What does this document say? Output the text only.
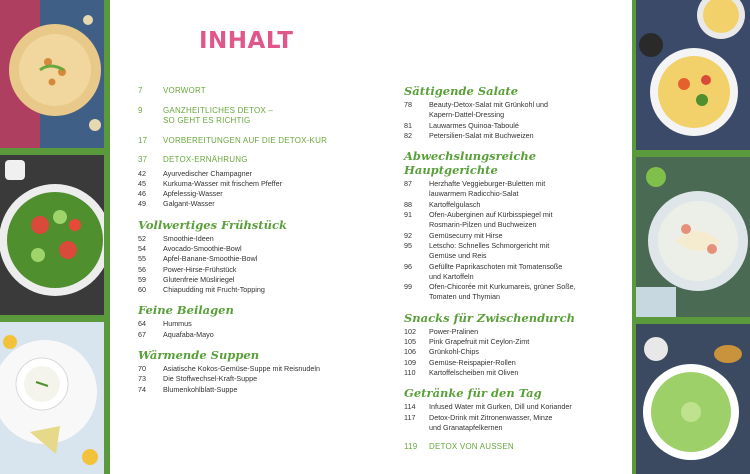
INHALT
7	VORWORT
9	GANZHEITLICHES DETOX –
SO GEHT ES RICHTIG
17	VORBEREITUNGEN AUF DIE DETOX-KUR
37	DETOX-ERNÄHRUNG
42	Ayurvedischer Champagner
45	Kurkuma-Wasser mit frischem Pfeffer
46	Apfelessig-Wasser
49	Galgant-Wasser
Vollwertiges Frühstück
52	Smoothie-Ideen
54	Avocado-Smoothie-Bowl
55	Apfel-Banane-Smoothie-Bowl
56	Power-Hirse-Frühstück
59	Glutenfreie Müsliriegel
60	Chiapudding mit Frucht-Topping
Feine Beilagen
64	Hummus
67	Aquafaba-Mayo
Wärmende Suppen
70	Asiatische Kokos-Gemüse-Suppe mit Reisnudeln
73	Die Stoffwechsel-Kraft-Suppe
74	Blumenkohlblatt-Suppe
Sättigende Salate
78	Beauty-Detox-Salat mit Grünkohl und
Kapern-Dattel-Dressing
81	Lauwarmes Quinoa-Taboulé
82	Petersilien-Salat mit Buchweizen
Abwechslungsreiche Hauptgerichte
87	Herzhafte Veggieburger-Buletten mit
lauwarmem Radicchio-Salat
88	Kartoffelgulasch
91	Ofen-Auberginen auf Kürbisspiegel mit
Rosmarin-Pilzen und Buchweizen
92	Gemüsecurry mit Hirse
95	Letscho: Schnelles Schmorgericht mit
Gemüse und Reis
96	Gefüllte Paprikaschoten mit Tomatensoße
und Kartoffeln
99	Ofen-Chicorée mit Kurkumareis, grüner Soße,
Tomaten und Thymian
Snacks für Zwischendurch
102	Power-Pralinen
105	Pink Grapefruit mit Ceylon-Zimt
106	Grünkohl-Chips
109	Gemüse-Reispapier-Rollen
110	Kartoffelscheiben mit Oliven
Getränke für den Tag
114	Infused Water mit Gurken, Dill und Koriander
117	Detox-Drink mit Zitronenwasser, Minze
und Granatapfelkernen
119	DETOX VON AUSSEN
